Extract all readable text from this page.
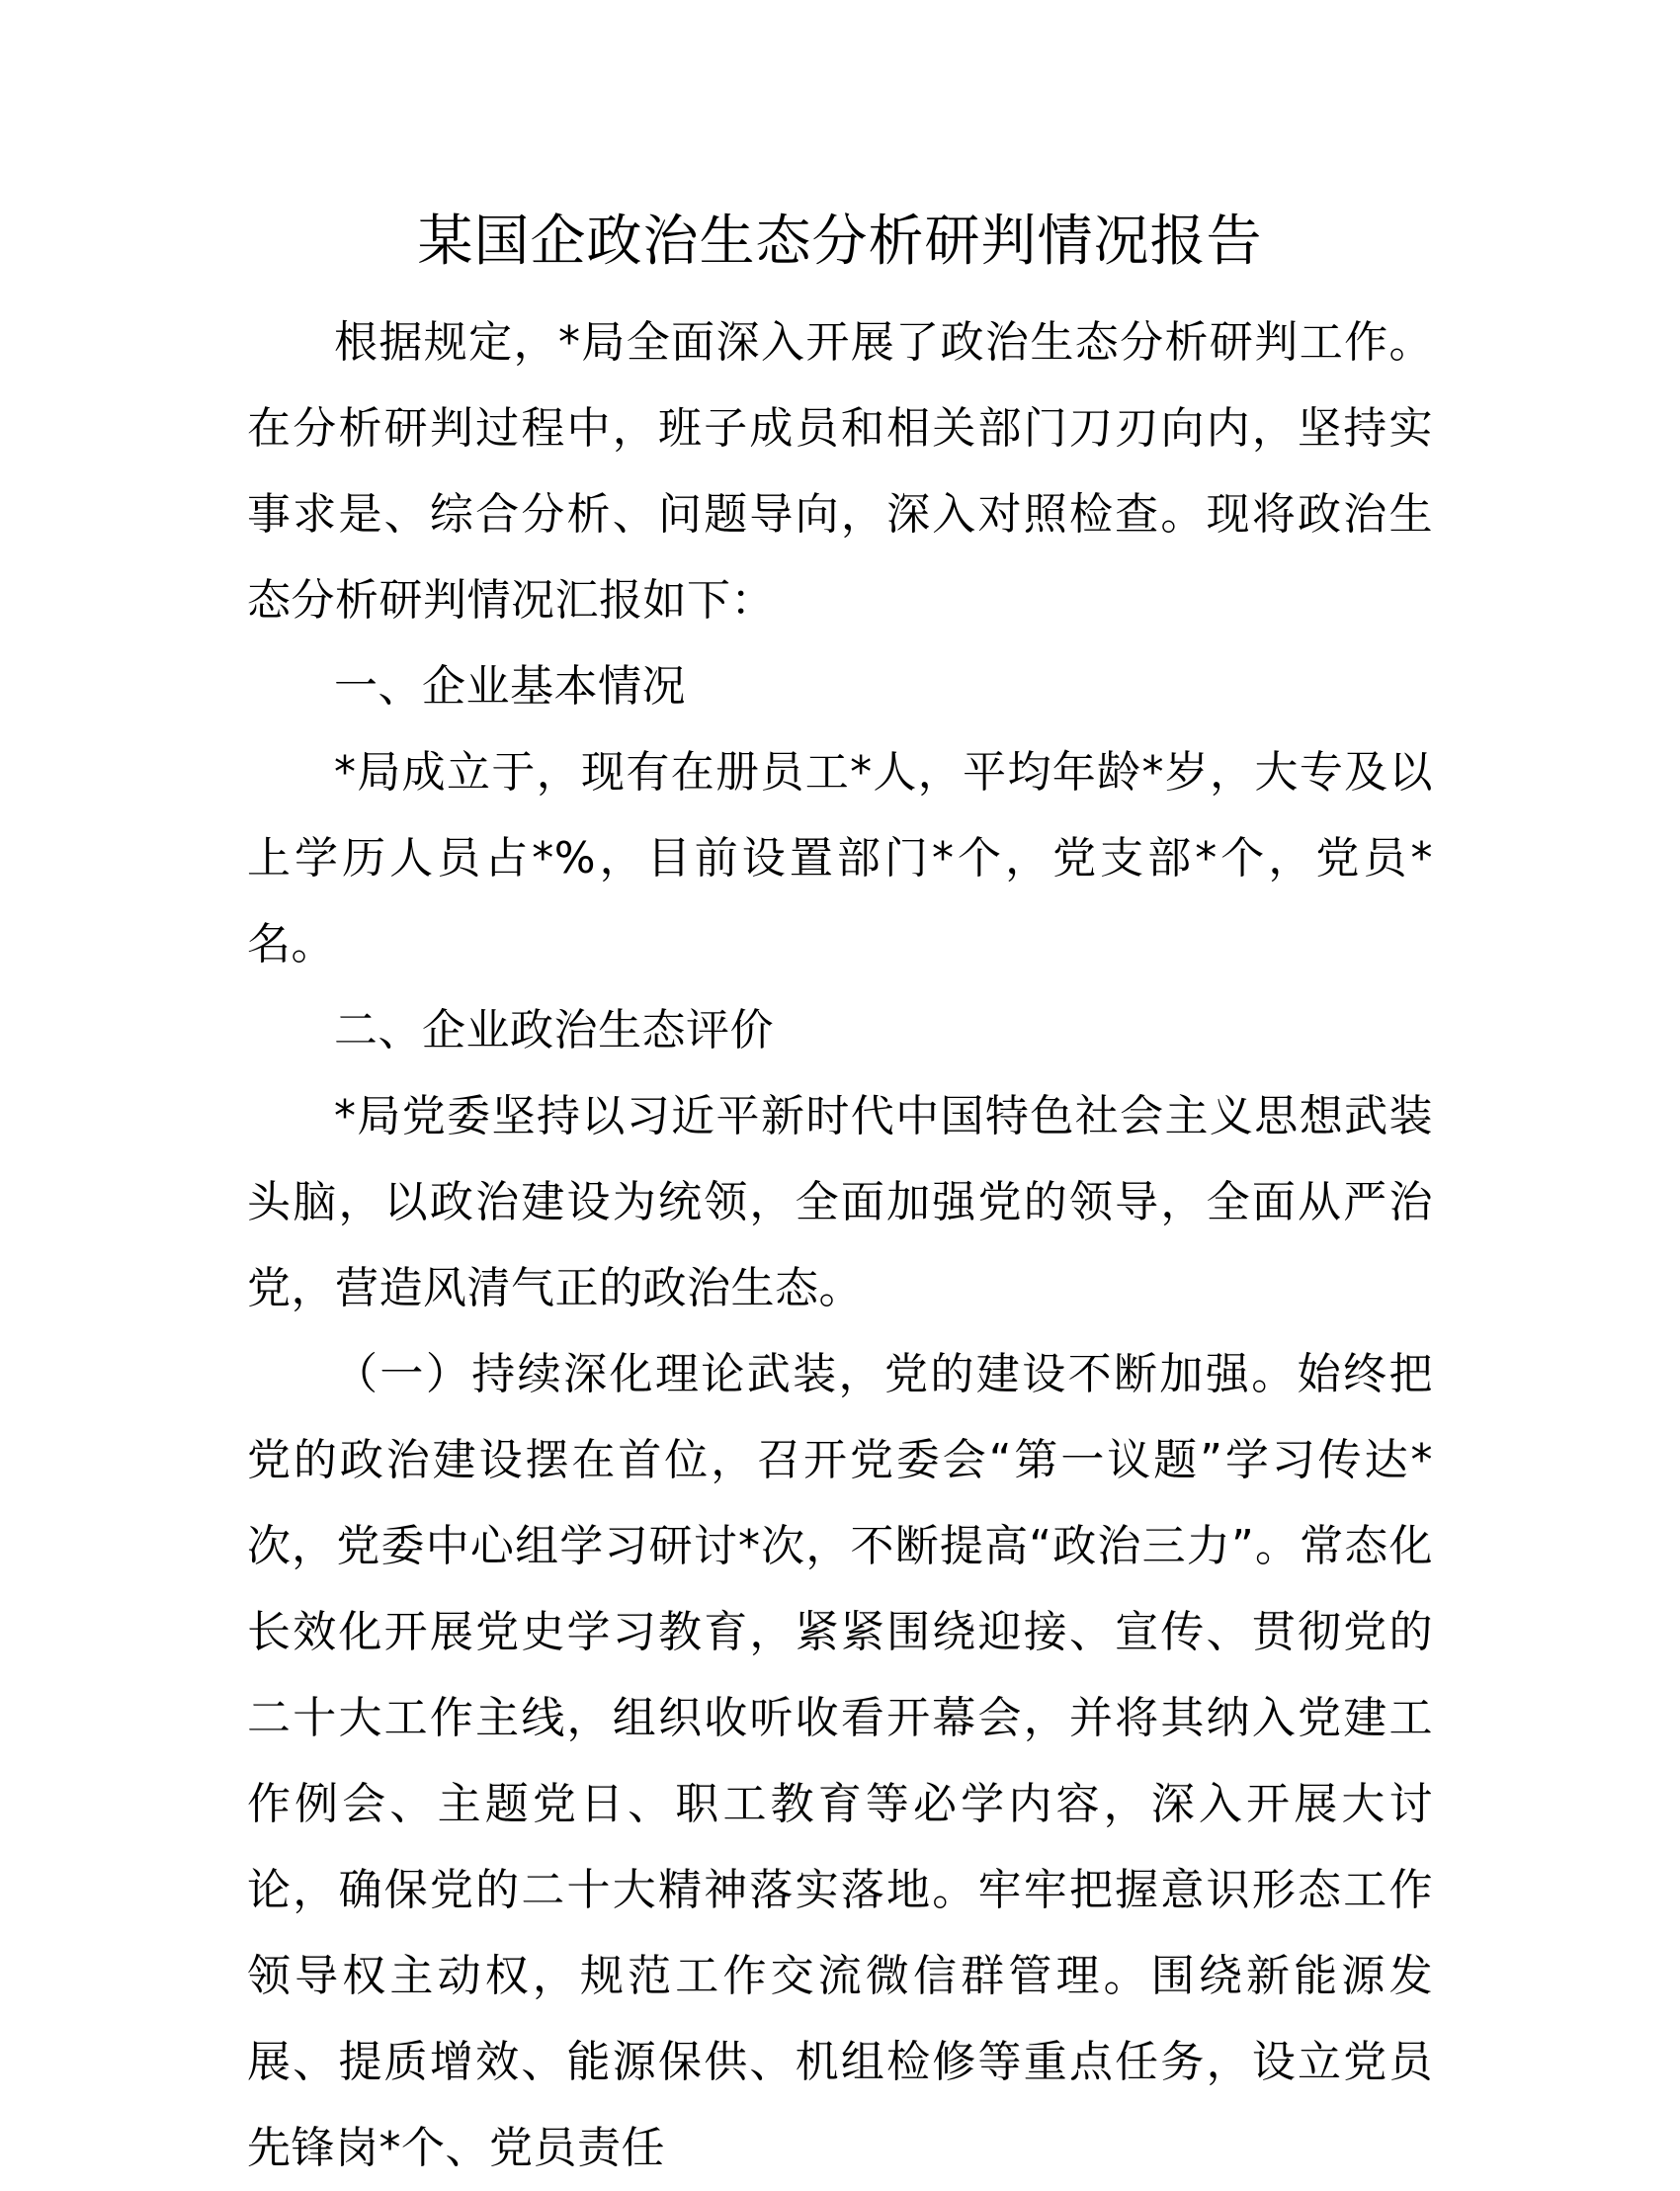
某国企政治生态分析研判情况报告

根据规定，*局全面深入开展了政治生态分析研判工作。在分析研判过程中，班子成员和相关部门刀刃向内，坚持实事求是、综合分析、问题导向，深入对照检查。现将政治生态分析研判情况汇报如下：

一、企业基本情况

*局成立于，现有在册员工*人，平均年龄*岁，大专及以上学历人员占*%，目前设置部门*个，党支部*个，党员*名。

二、企业政治生态评价

*局党委坚持以习近平新时代中国特色社会主义思想武装头脑，以政治建设为统领，全面加强党的领导，全面从严治党，营造风清气正的政治生态。

（一）持续深化理论武装，党的建设不断加强。始终把党的政治建设摆在首位，召开党委会“第一议题”学习传达*次，党委中心组学习研讨*次，不断提高“政治三力”。常态化长效化开展党史学习教育，紧紧围绕迎接、宣传、贯彻党的二十大工作主线，组织收听收看开幕会，并将其纳入党建工作例会、主题党日、职工教育等必学内容，深入开展大讨论，确保党的二十大精神落实落地。牢牢把握意识形态工作领导权主动权，规范工作交流微信群管理。围绕新能源发展、提质增效、能源保供、机组检修等重点任务，设立党员先锋岗*个、党员责任
